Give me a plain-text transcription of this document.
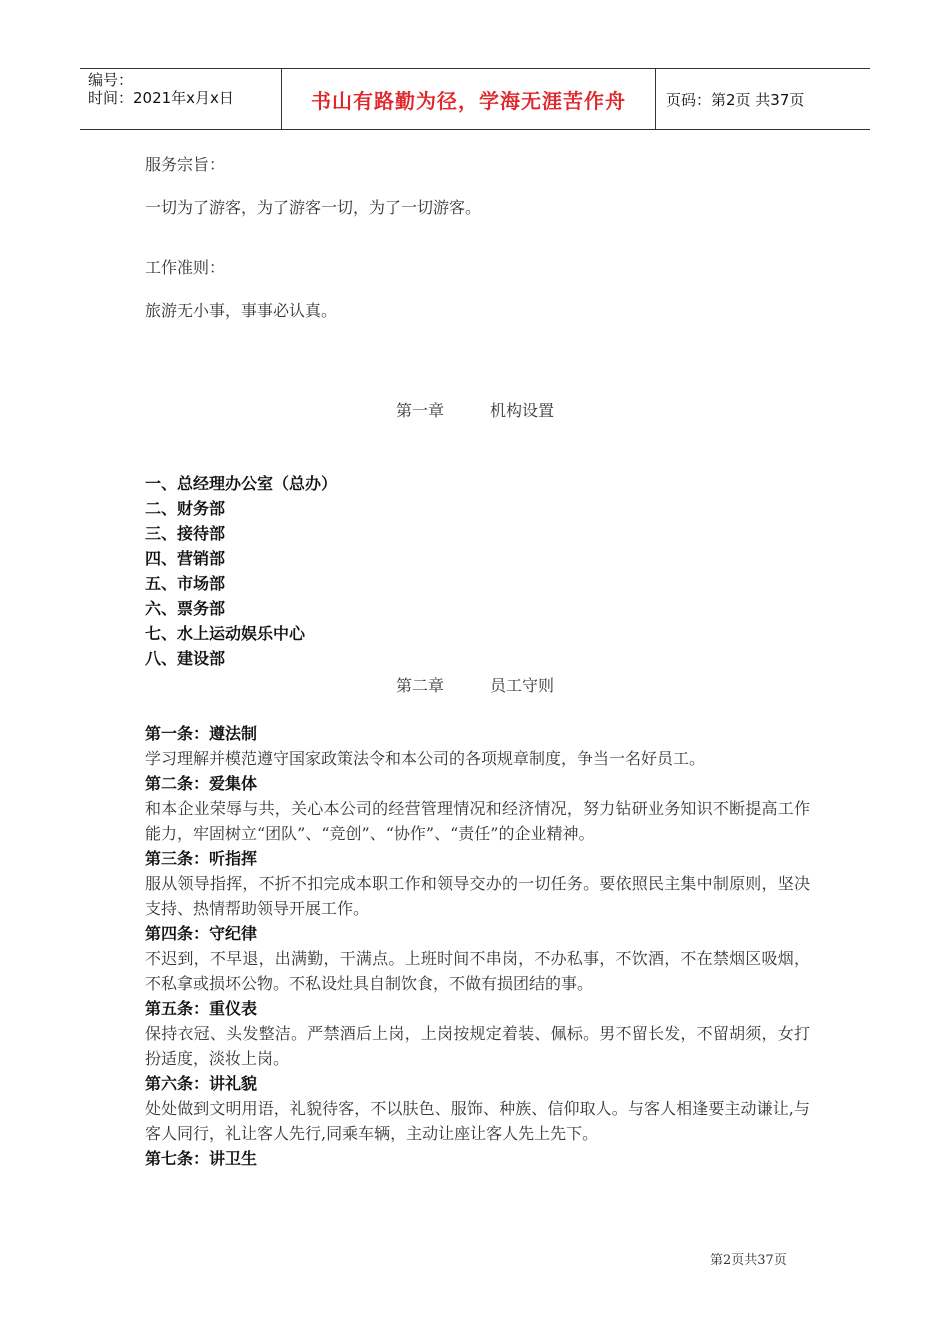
编号：
时间：2021年x月x日	书山有路勤为径，学海无涯苦作舟	页码：第2页 共37页
服务宗旨：
一切为了游客，为了游客一切，为了一切游客。
工作准则：
旅游无小事，事事必认真。
第一章	机构设置
一、总经理办公室（总办）
二、财务部
三、接待部
四、营销部
五、市场部
六、票务部
七、水上运动娱乐中心
八、建设部
第二章	员工守则
第一条：遵法制
学习理解并模范遵守国家政策法令和本公司的各项规章制度，争当一名好员工。
第二条：爱集体
和本企业荣辱与共，关心本公司的经营管理情况和经济情况，努力钻研业务知识不断提高工作能力，牢固树立“团队”、“竞创”、“协作”、“责任”的企业精神。
第三条：听指挥
服从领导指挥，不折不扣完成本职工作和领导交办的一切任务。要依照民主集中制原则，坚决支持、热情帮助领导开展工作。
第四条：守纪律
不迟到，不早退，出满勤，干满点。上班时间不串岗，不办私事，不饮酒，不在禁烟区吸烟，不私拿或损坏公物。不私设灶具自制饮食，不做有损团结的事。
第五条：重仪表
保持衣冠、头发整洁。严禁酒后上岗，上岗按规定着装、佩标。男不留长发，不留胡须，女打扮适度，淡妆上岗。
第六条：讲礼貌
处处做到文明用语，礼貌待客，不以肤色、服饰、种族、信仰取人。与客人相逢要主动谦让,与客人同行，礼让客人先行,同乘车辆，主动让座让客人先上先下。
第七条：讲卫生
第2页共37页
